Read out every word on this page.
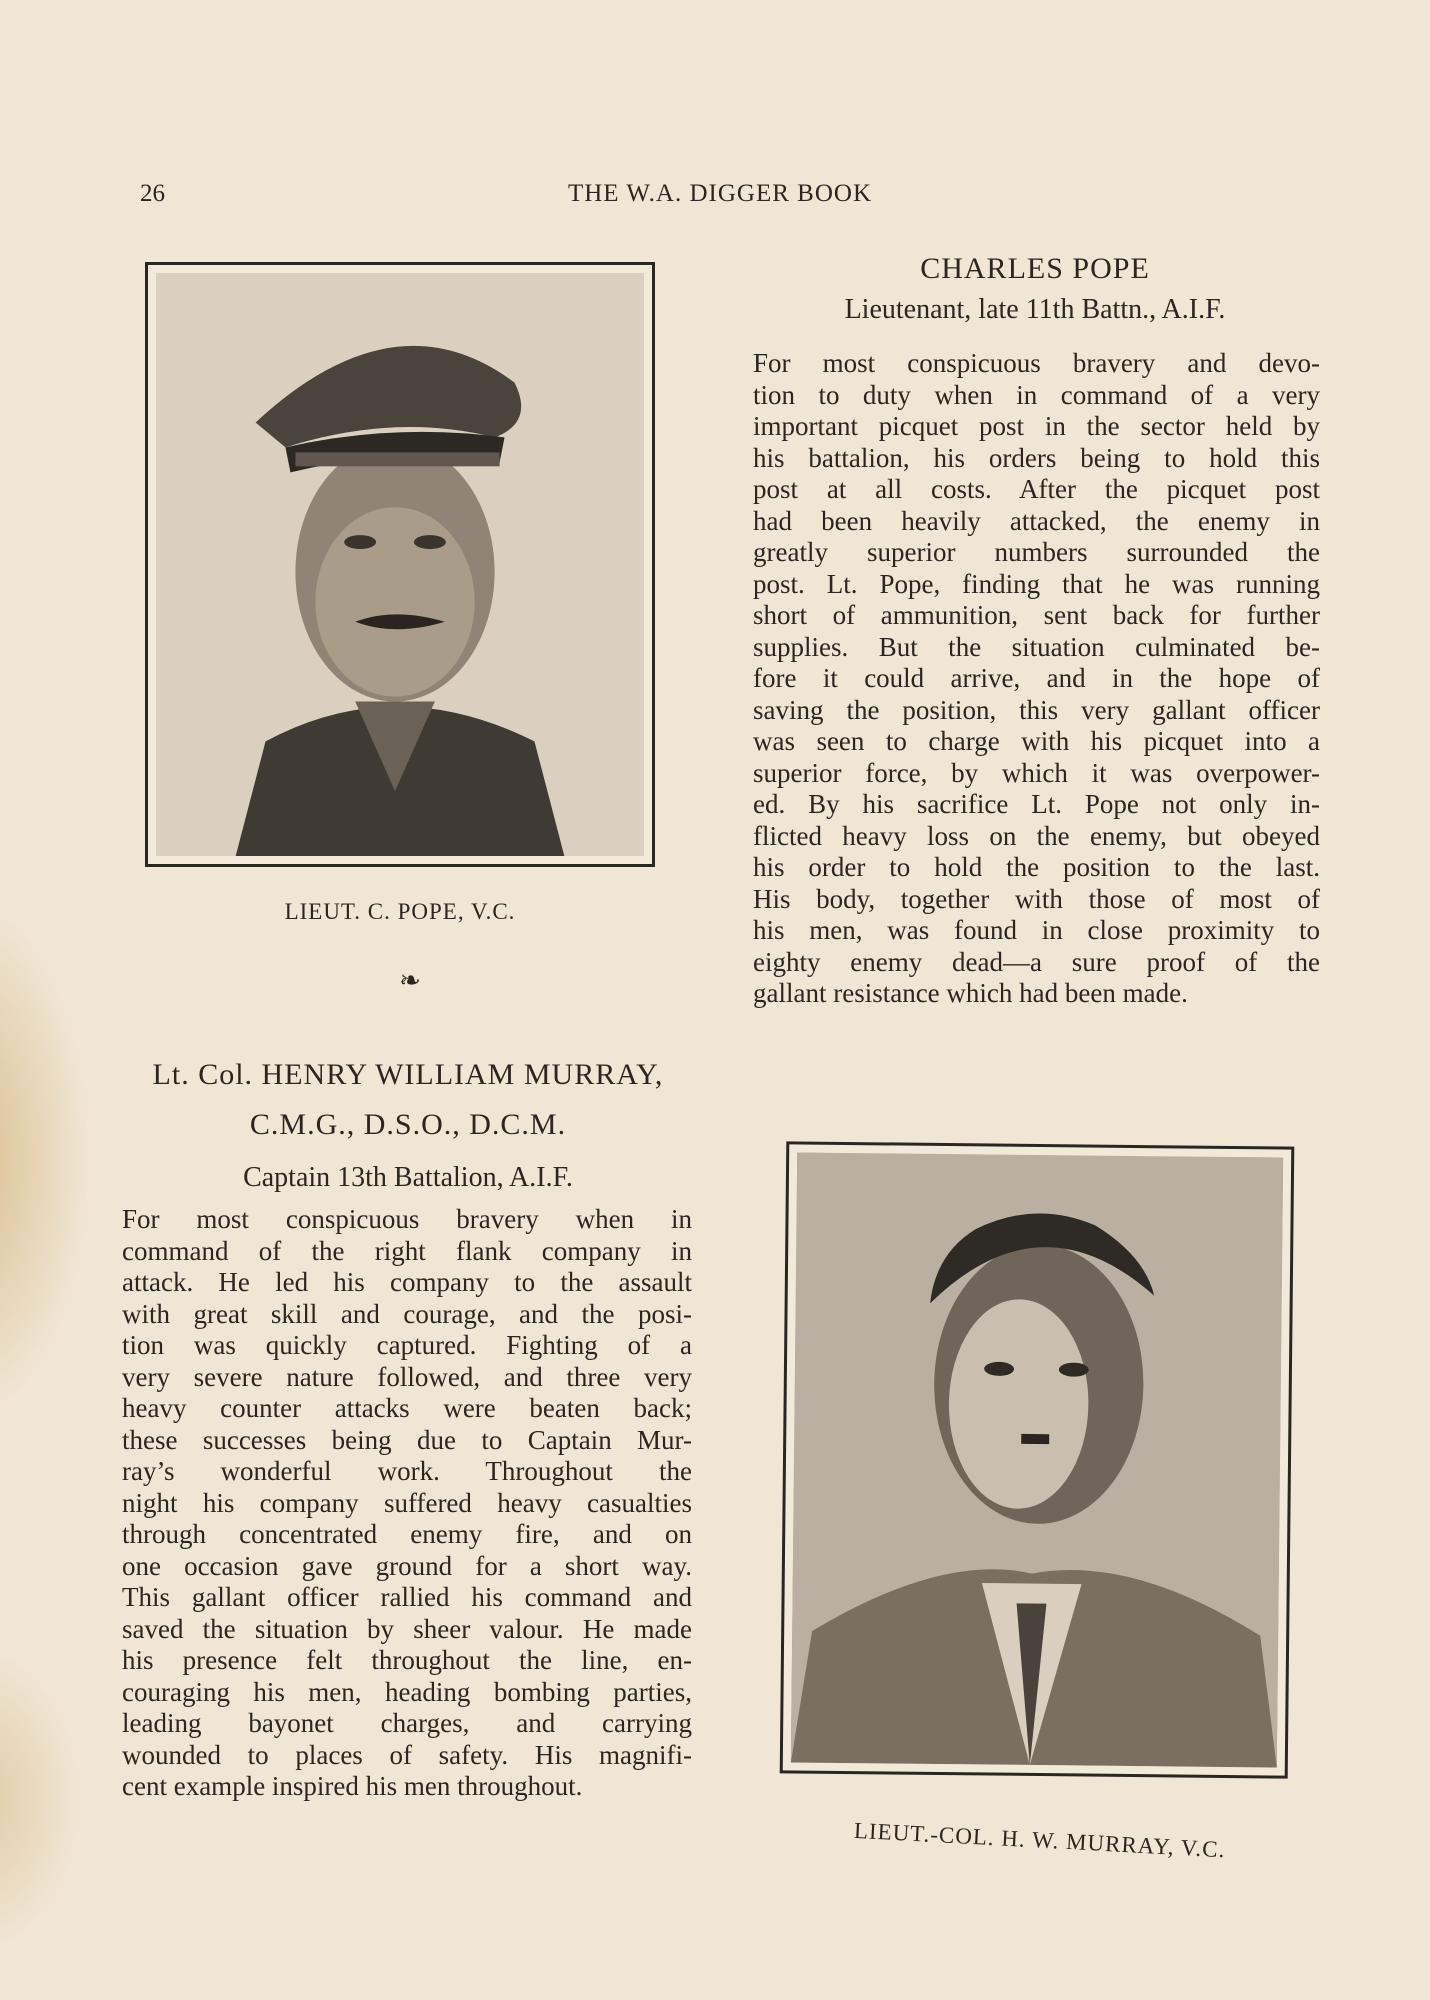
26	THE W.A. DIGGER BOOK
LIEUT. C. POPE, V.C.
❧
CHARLES POPE
Lieutenant, late 11th Battn., A.I.F.
For most conspicuous bravery and devo-
tion to duty when in command of a very
important picquet post in the sector held by
his battalion, his orders being to hold this
post at all costs. After the picquet post
had been heavily attacked, the enemy in
greatly superior numbers surrounded the
post. Lt. Pope, finding that he was running
short of ammunition, sent back for further
supplies. But the situation culminated be-
fore it could arrive, and in the hope of
saving the position, this very gallant officer
was seen to charge with his picquet into a
superior force, by which it was overpower-
ed. By his sacrifice Lt. Pope not only in-
flicted heavy loss on the enemy, but obeyed
his order to hold the position to the last.
His body, together with those of most of
his men, was found in close proximity to
eighty enemy dead—a sure proof of the
gallant resistance which had been made.
Lt. Col. HENRY WILLIAM MURRAY,
C.M.G., D.S.O., D.C.M.
Captain 13th Battalion, A.I.F.
For most conspicuous bravery when in
command of the right flank company in
attack. He led his company to the assault
with great skill and courage, and the posi-
tion was quickly captured. Fighting of a
very severe nature followed, and three very
heavy counter attacks were beaten back;
these successes being due to Captain Mur-
ray’s wonderful work. Throughout the
night his company suffered heavy casualties
through concentrated enemy fire, and on
one occasion gave ground for a short way.
This gallant officer rallied his command and
saved the situation by sheer valour. He made
his presence felt throughout the line, en-
couraging his men, heading bombing parties,
leading bayonet charges, and carrying
wounded to places of safety. His magnifi-
cent example inspired his men throughout.
LIEUT.-COL. H. W. MURRAY, V.C.
